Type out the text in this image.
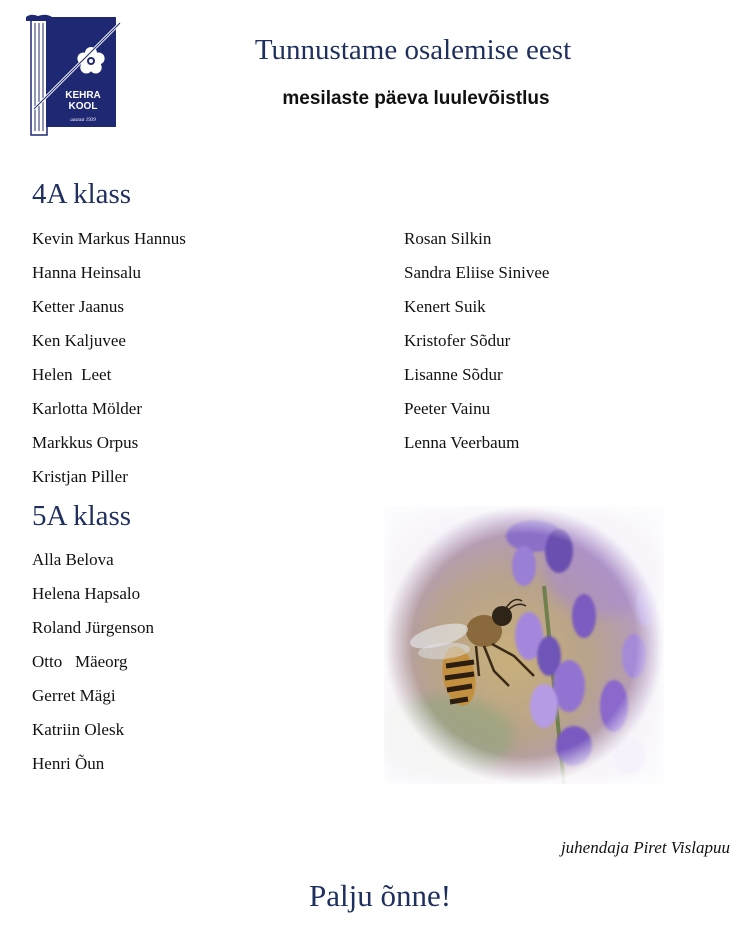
KEHRA
KOOL
aastast 1939
Tunnustame osalemise eest
mesilaste päeva luulevõistlus
4A klass
Kevin Markus Hannus
Hanna Heinsalu
Ketter Jaanus
Ken Kaljuvee
Helen  Leet
Karlotta Mölder
Markkus Orpus
Kristjan Piller
Rosan Silkin
Sandra Eliise Sinivee
Kenert Suik
Kristofer Sõdur
Lisanne Sõdur
Peeter Vainu
Lenna Veerbaum
5A klass
Alla Belova
Helena Hapsalo
Roland Jürgenson
Otto   Mäeorg
Gerret Mägi
Katriin Olesk
Henri Õun
juhendaja Piret Vislapuu
Palju õnne!
